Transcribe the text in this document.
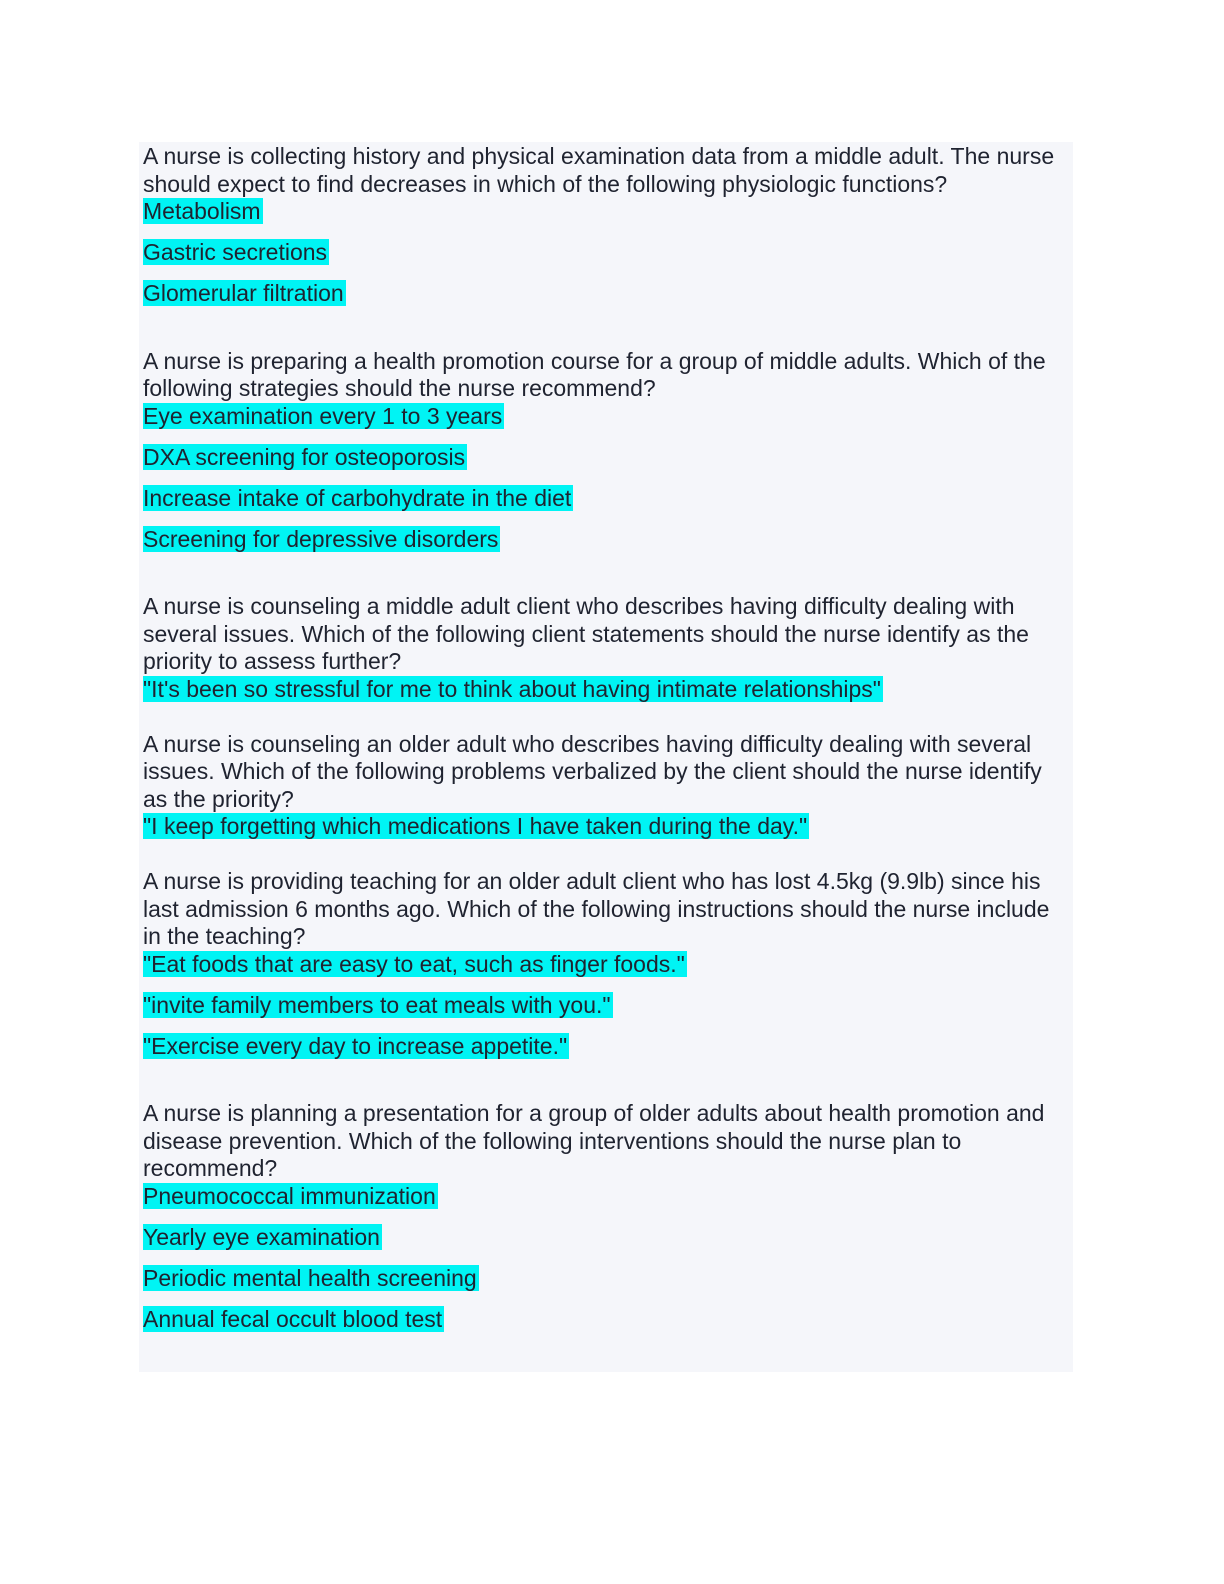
A nurse is collecting history and physical examination data from a middle adult. The nurse should expect to find decreases in which of the following physiologic functions?

Metabolism

Gastric secretions

Glomerular filtration

A nurse is preparing a health promotion course for a group of middle adults. Which of the following strategies should the nurse recommend?

Eye examination every 1 to 3 years

DXA screening for osteoporosis

Increase intake of carbohydrate in the diet

Screening for depressive disorders

A nurse is counseling a middle adult client who describes having difficulty dealing with several issues. Which of the following client statements should the nurse identify as the priority to assess further?

"It's been so stressful for me to think about having intimate relationships"

A nurse is counseling an older adult who describes having difficulty dealing with several issues. Which of the following problems verbalized by the client should the nurse identify as the priority?

"I keep forgetting which medications I have taken during the day."

A nurse is providing teaching for an older adult client who has lost 4.5kg (9.9lb) since his last admission 6 months ago. Which of the following instructions should the nurse include in the teaching?

"Eat foods that are easy to eat, such as finger foods."

"invite family members to eat meals with you."

"Exercise every day to increase appetite."

A nurse is planning a presentation for a group of older adults about health promotion and disease prevention. Which of the following interventions should the nurse plan to recommend?

Pneumococcal immunization

Yearly eye examination

Periodic mental health screening

Annual fecal occult blood test
